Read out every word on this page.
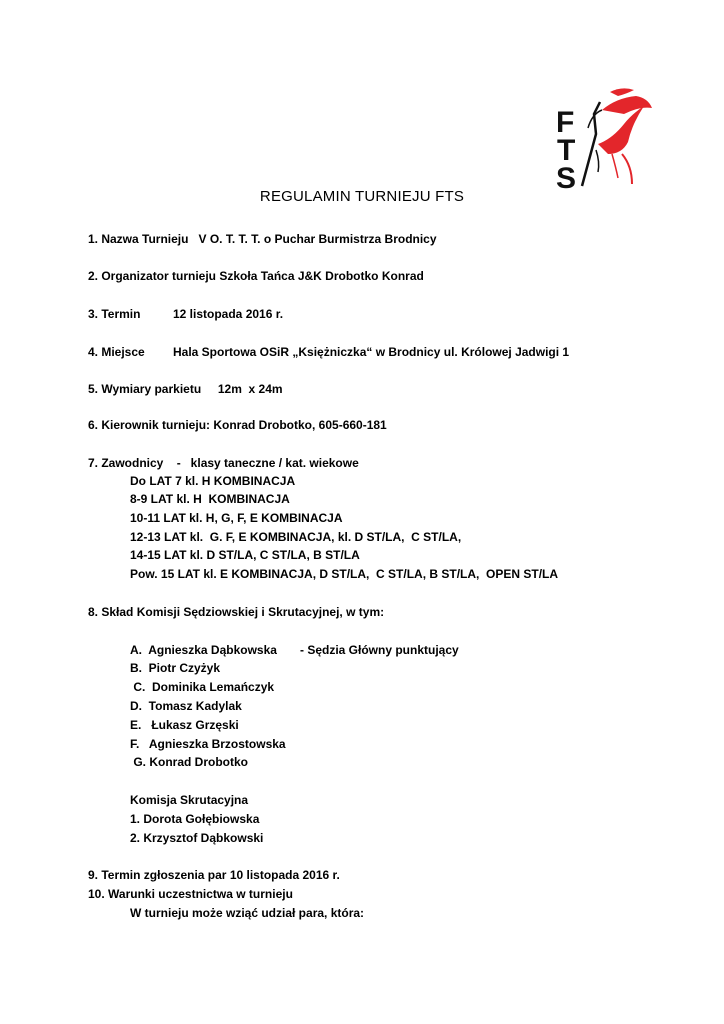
F
T
S
REGULAMIN TURNIEJU FTS
1. Nazwa Turnieju V O. T. T. T. o Puchar Burmistrza Brodnicy
2. Organizator turnieju Szkoła Tańca J&K Drobotko Konrad
3. Termin	12 listopada 2016 r.
4. Miejsce Hala Sportowa OSiR „Księżniczka“ w Brodnicy ul. Królowej Jadwigi 1
5. Wymiary parkietu 12m  x 24m
6. Kierownik turnieju: Konrad Drobotko, 605-660-181
7. Zawodnicy    -   klasy taneczne / kat. wiekowe
Do LAT 7 kl. H KOMBINACJA
8-9 LAT kl. H  KOMBINACJA
10-11 LAT kl. H, G, F, E KOMBINACJA
12-13 LAT kl.  G. F, E KOMBINACJA, kl. D ST/LA,  C ST/LA,
14-15 LAT kl. D ST/LA, C ST/LA, B ST/LA
Pow. 15 LAT kl. E KOMBINACJA, D ST/LA,  C ST/LA, B ST/LA,  OPEN ST/LA
8. Skład Komisji Sędziowskiej i Skrutacyjnej, w tym:
A.  Agnieszka Dąbkowska - Sędzia Główny punktujący
B.  Piotr Czyżyk
C.  Dominika Lemańczyk
D.  Tomasz Kadylak
E.   Łukasz Grzęski
F.   Agnieszka Brzostowska
G. Konrad Drobotko
Komisja Skrutacyjna
1. Dorota Gołębiowska
2. Krzysztof Dąbkowski
9. Termin zgłoszenia par 10 listopada 2016 r.
10. Warunki uczestnictwa w turnieju
W turnieju może wziąć udział para, która:
